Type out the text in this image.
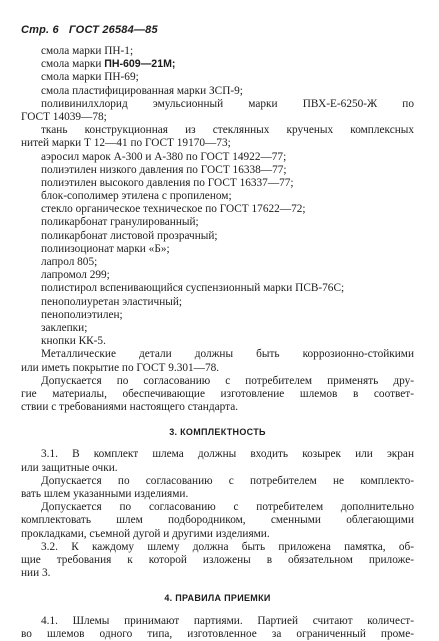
Стр. 6 ГОСТ 26584—85
смола марки ПН-1;
смола марки ПН-609—21М;
смола марки ПН-69;
смола пластифицированная марки ЗСП-9;
поливинилхлорид эмульсионный марки ПВХ-Е-6250-Ж по
ГОСТ 14039—78;
ткань конструкционная из стеклянных крученых комплексных
нитей марки Т 12—41 по ГОСТ 19170—73;
аэросил марок А-300 и А-380 по ГОСТ 14922—77;
полиэтилен низкого давления по ГОСТ 16338—77;
полиэтилен высокого давления по ГОСТ 16337—77;
блок-сополимер этилена с пропиленом;
стекло органическое техническое по ГОСТ 17622—72;
поликарбонат гранулированный;
поликарбонат листовой прозрачный;
полиизоционат марки «Б»;
лапрол 805;
лапромол 299;
полистирол вспенивающийся суспензионный марки ПСВ-76С;
пенополиуретан эластичный;
пенополиэтилен;
заклепки;
кнопки КК-5.
Металлические детали должны быть коррозионно-стойкими
или иметь покрытие по ГОСТ 9.301—78.
Допускается по согласованию с потребителем применять дру-
гие материалы, обеспечивающие изготовление шлемов в соответ-
ствии с требованиями настоящего стандарта.
3. КОМПЛЕКТНОСТЬ
3.1. В комплект шлема должны входить козырек или экран
или защитные очки.
Допускается по согласованию с потребителем не комплекто-
вать шлем указанными изделиями.
Допускается по согласованию с потребителем дополнительно
комплектовать шлем подбородником, сменными облегающими
прокладками, съемной дугой и другими изделиями.
3.2. К каждому шлему должна быть приложена памятка, об-
щие требования к которой изложены в обязательном приложе-
нии 3.
4. ПРАВИЛА ПРИЕМКИ
4.1. Шлемы принимают партиями. Партией считают количест-
во шлемов одного типа, изготовленное за ограниченный проме-
